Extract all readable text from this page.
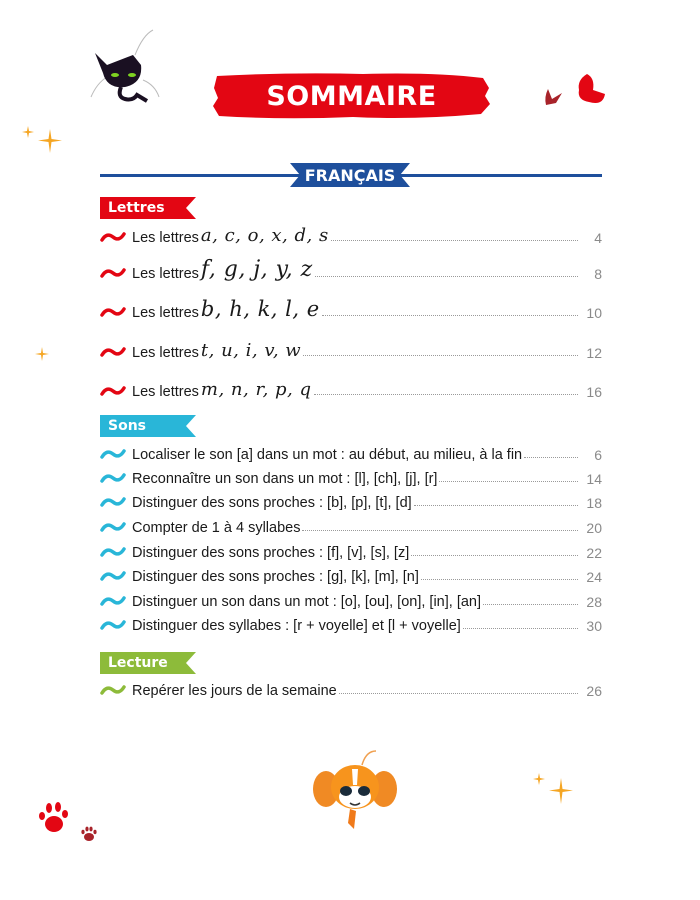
SOMMAIRE
FRANÇAIS
Lettres
Les lettres a, c, o, x, d, s	4
Les lettres f, g, j, y, z	8
Les lettres b, h, k, l, e	10
Les lettres t, u, i, v, w	12
Les lettres m, n, r, p, q	16
Sons
Localiser le son [a] dans un mot : au début, au milieu, à la fin	6
Reconnaître un son dans un mot : [l], [ch], [j], [r]	14
Distinguer des sons proches : [b], [p], [t], [d]	18
Compter de 1 à 4 syllabes	20
Distinguer des sons proches : [f], [v], [s], [z]	22
Distinguer des sons proches : [g], [k], [m], [n]	24
Distinguer un son dans un mot : [o], [ou], [on], [in], [an]	28
Distinguer des syllabes : [r + voyelle] et [l + voyelle]	30
Lecture
Repérer les jours de la semaine	26
